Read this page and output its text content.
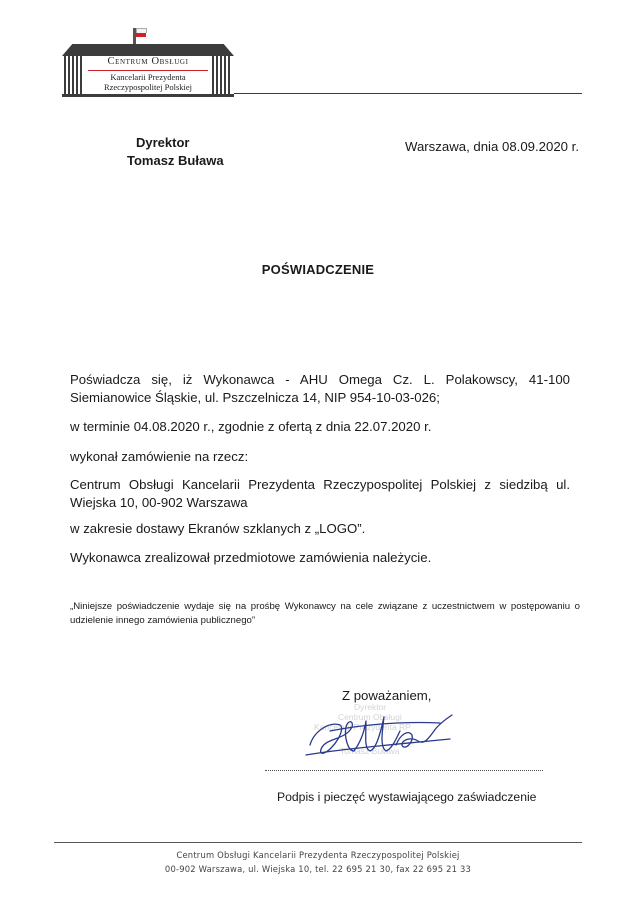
Centrum Obsługi
Kancelarii Prezydenta
Rzeczypospolitej Polskiej
Dyrektor
Tomasz Buława
Warszawa, dnia 08.09.2020 r.
POŚWIADCZENIE
Poświadcza się, iż Wykonawca - AHU Omega Cz. L. Polakowscy, 41-100 Siemianowice Śląskie, ul. Pszczelnicza 14, NIP 954-10-03-026;
w terminie 04.08.2020 r., zgodnie z ofertą z dnia 22.07.2020 r.
wykonał zamówienie na rzecz:
Centrum Obsługi Kancelarii Prezydenta Rzeczypospolitej Polskiej z siedzibą ul. Wiejska 10, 00-902 Warszawa
w zakresie dostawy Ekranów szklanych z „LOGO”.
Wykonawca zrealizował przedmiotowe zamówienia należycie.
„Niniejsze poświadczenie wydaje się na prośbę Wykonawcy na cele związane z uczestnictwem w postępowaniu o udzielenie innego zamówienia publicznego”
Z poważaniem,
Dyrektor
Centrum Obsługi
Kancelarii Prezydenta RP
Tomasz Buława
Podpis i pieczęć wystawiającego zaświadczenie
Centrum Obsługi Kancelarii Prezydenta Rzeczypospolitej Polskiej
00-902 Warszawa, ul. Wiejska 10, tel. 22 695 21 30, fax 22 695 21 33
